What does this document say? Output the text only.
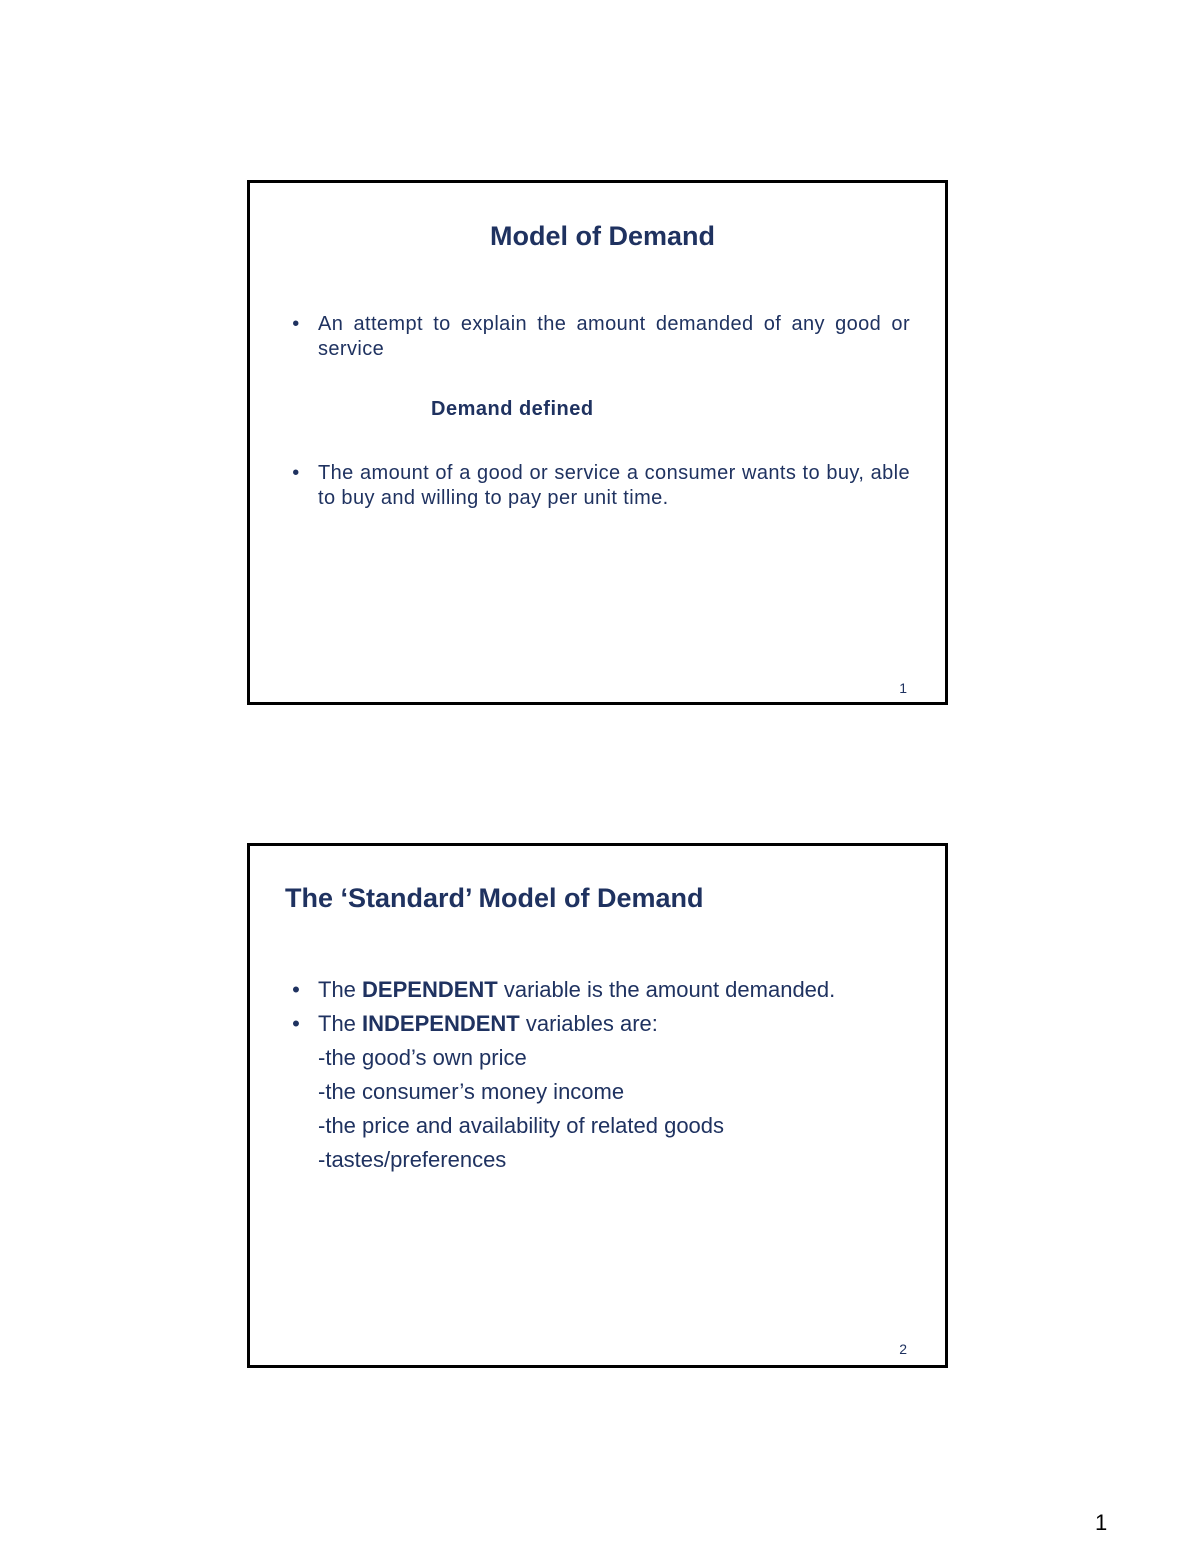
Model of Demand
• An attempt to explain the amount demanded of any good or service
Demand defined
• The amount of a good or service a consumer wants to buy, able to buy and willing to pay per unit time.
1
The ‘Standard’ Model of Demand
• The DEPENDENT variable is the amount demanded.
• The INDEPENDENT variables are:
-the good’s own price
-the consumer’s money income
-the price and availability of related goods
-tastes/preferences
2
1
